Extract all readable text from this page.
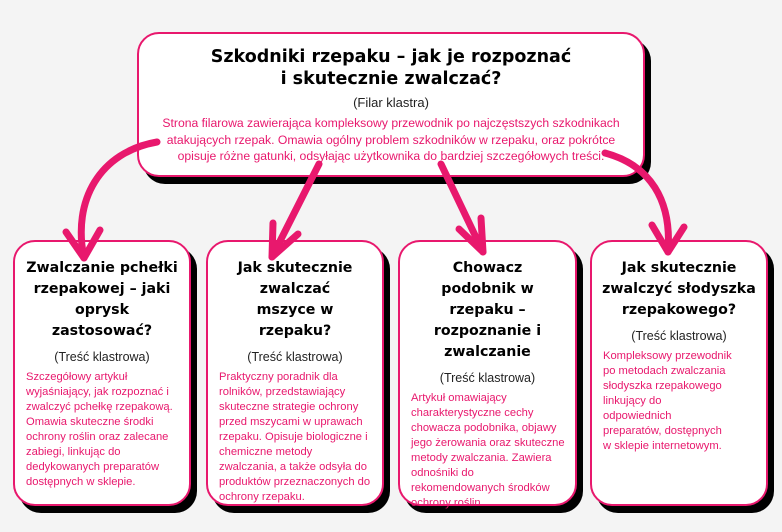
Szkodniki rzepaku – jak je rozpoznać
i skutecznie zwalczać?
(Filar klastra)

Strona filarowa zawierająca kompleksowy przewodnik po najczęstszych szkodnikach atakujących rzepak. Omawia ogólny problem szkodników w rzepaku, oraz pokrótce opisuje różne gatunki, odsyłając użytkownika do bardziej szczegółowych treści.

Zwalczanie pchełki rzepakowej – jaki oprysk zastosować?
(Treść klastrowa)

Szczegółowy artykuł wyjaśniający, jak rozpoznać i zwalczyć pchełkę rzepakową. Omawia skuteczne środki ochrony roślin oraz zalecane zabiegi, linkując do dedykowanych preparatów dostępnych w sklepie.

Jak skutecznie zwalczać mszyce w rzepaku?
(Treść klastrowa)

Praktyczny poradnik dla rolników, przedstawiający skuteczne strategie ochrony przed mszycami w uprawach rzepaku. Opisuje biologiczne i chemiczne metody zwalczania, a także odsyła do produktów przeznaczonych do ochrony rzepaku.

Chowacz podobnik w rzepaku – rozpoznanie i zwalczanie
(Treść klastrowa)

Artykuł omawiający charakterystyczne cechy chowacza podobnika, objawy jego żerowania oraz skuteczne metody zwalczania. Zawiera odnośniki do rekomendowanych środków ochrony roślin.

Jak skutecznie zwalczyć słodyszka rzepakowego?
(Treść klastrowa)

Kompleksowy przewodnik po metodach zwalczania słodyszka rzepakowego linkujący do odpowiednich preparatów, dostępnych w sklepie internetowym.
